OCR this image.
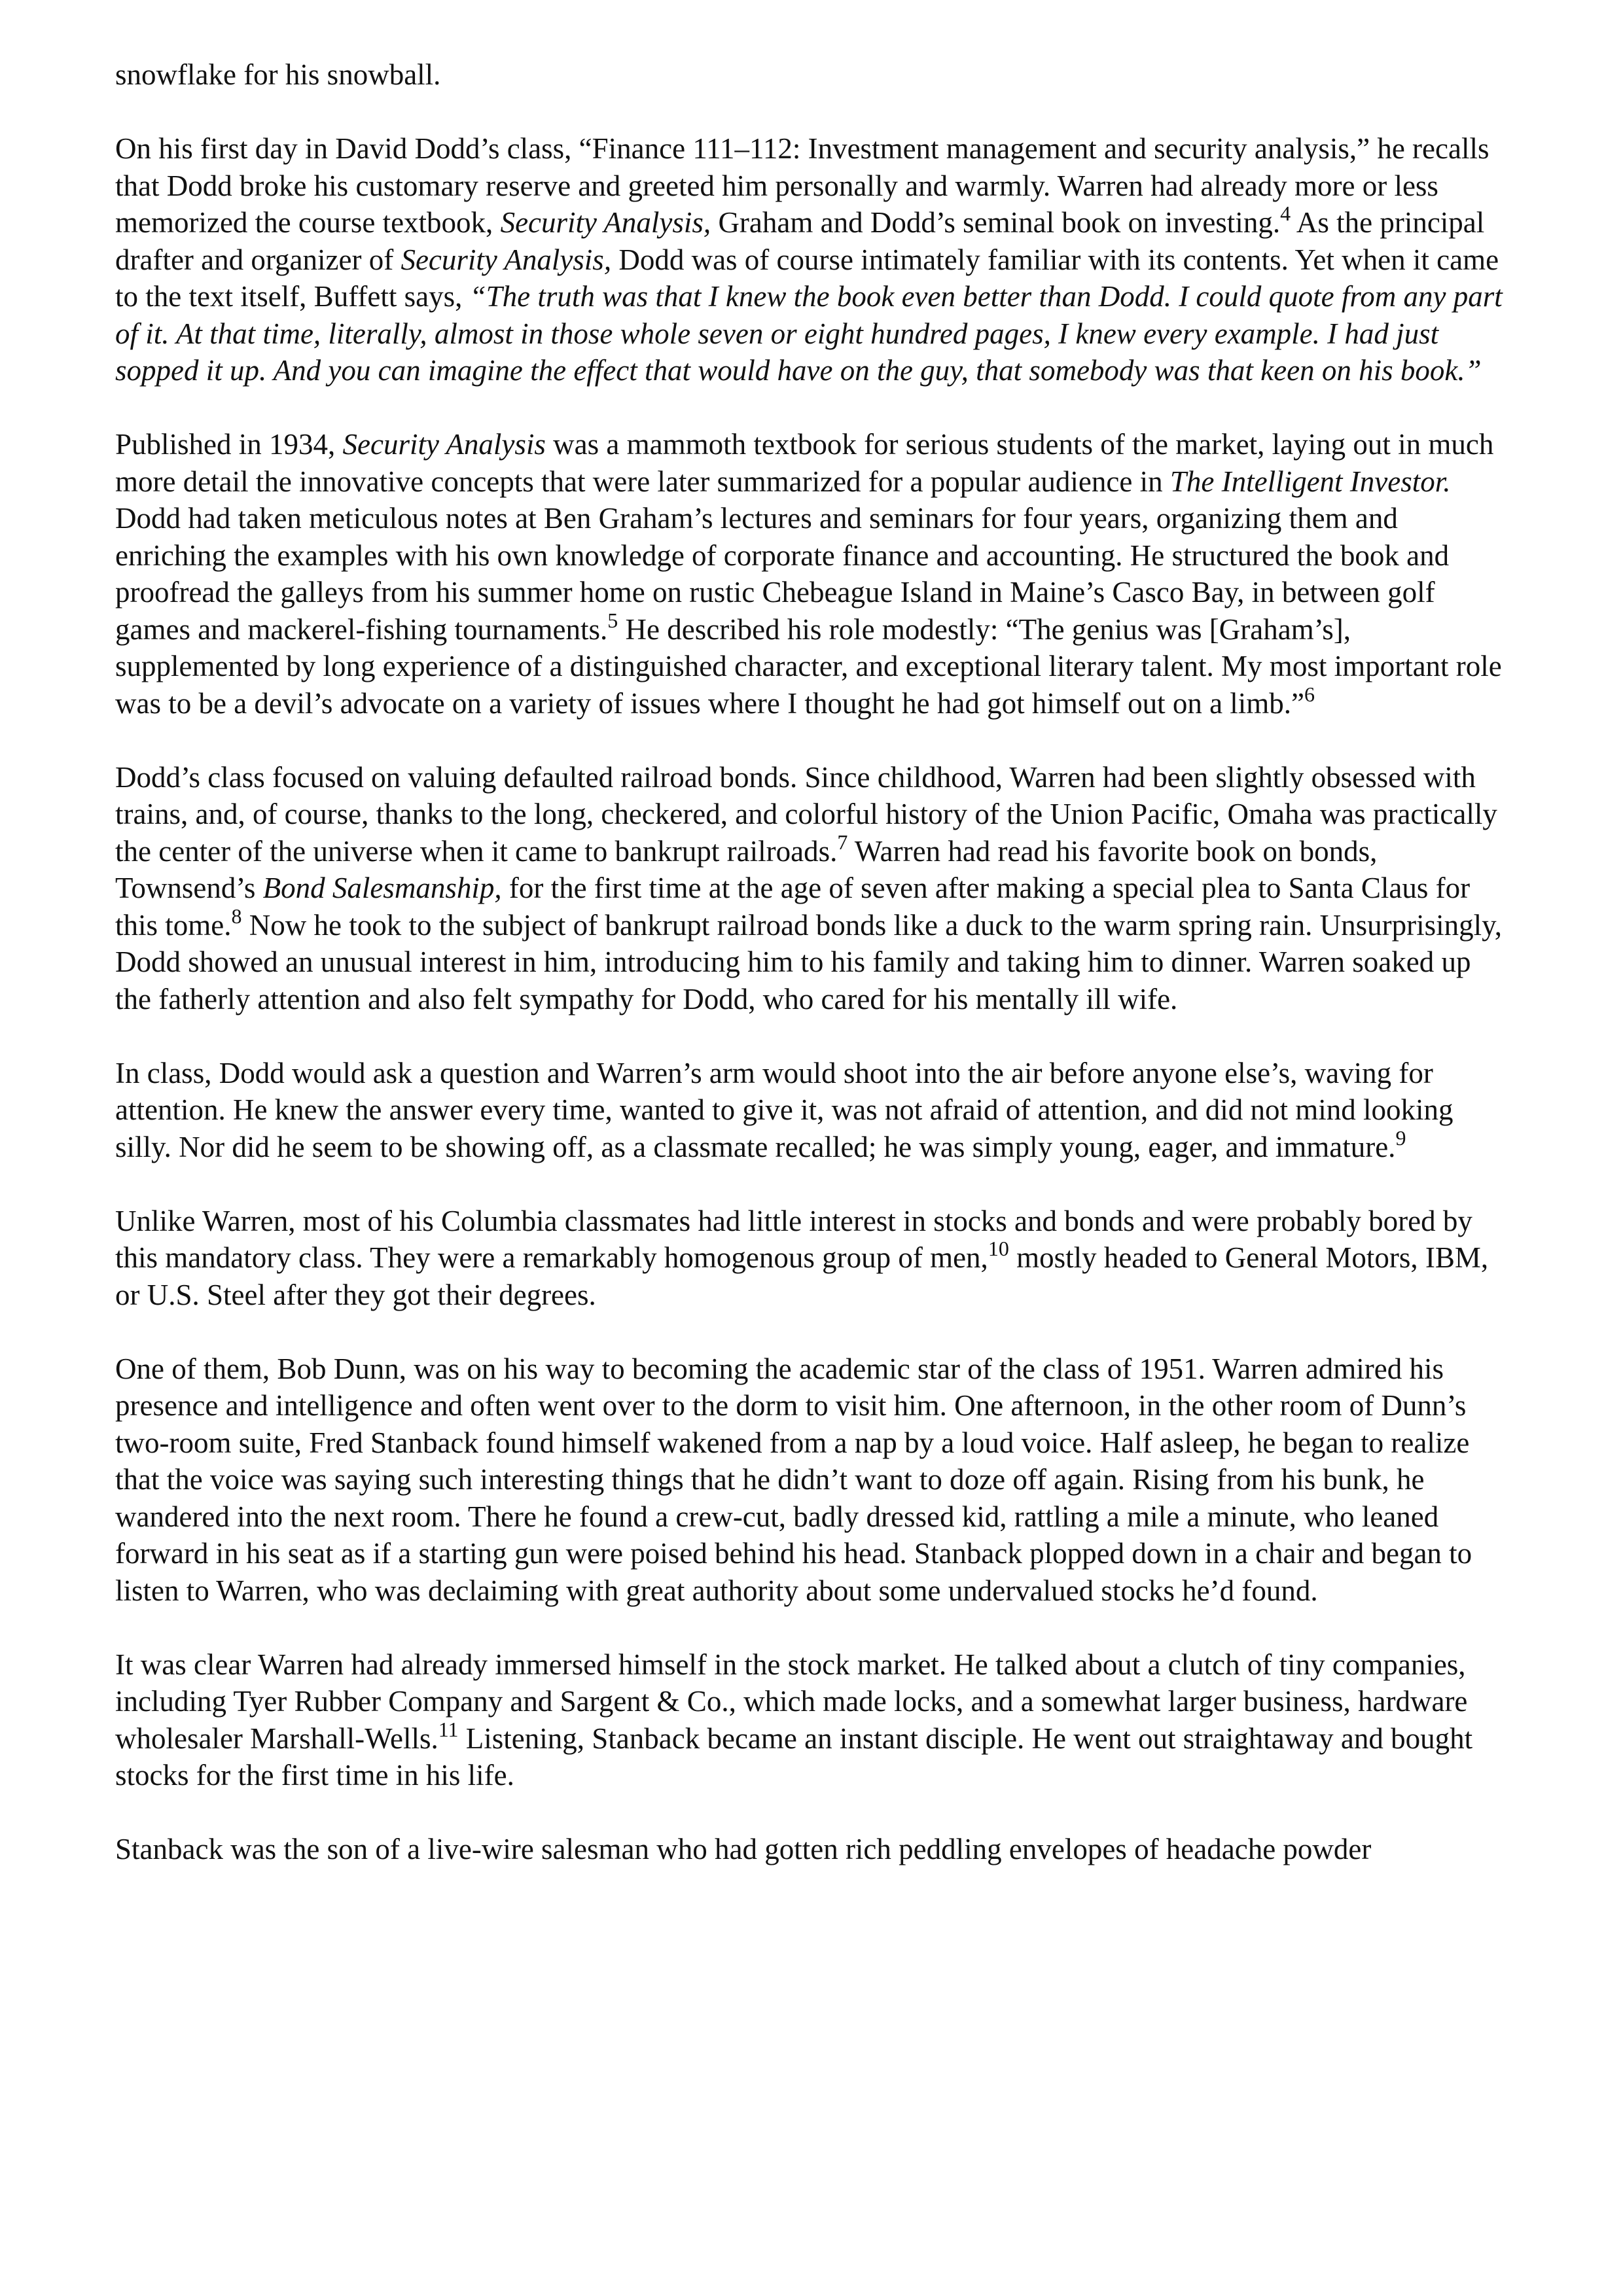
snowflake for his snowball.

On his first day in David Dodd’s class, “Finance 111–112: Investment management and security analysis,” he recalls that Dodd broke his customary reserve and greeted him personally and warmly. Warren had already more or less memorized the course textbook, Security Analysis, Graham and Dodd’s seminal book on investing.$^4$ As the principal drafter and organizer of Security Analysis, Dodd was of course intimately familiar with its contents. Yet when it came to the text itself, Buffett says, “The truth was that I knew the book even better than Dodd. I could quote from any part of it. At that time, literally, almost in those whole seven or eight hundred pages, I knew every example. I had just sopped it up. And you can imagine the effect that would have on the guy, that somebody was that keen on his book.”

Published in 1934, Security Analysis was a mammoth textbook for serious students of the market, laying out in much more detail the innovative concepts that were later summarized for a popular audience in The Intelligent Investor. Dodd had taken meticulous notes at Ben Graham’s lectures and seminars for four years, organizing them and enriching the examples with his own knowledge of corporate finance and accounting. He structured the book and proofread the galleys from his summer home on rustic Chebeague Island in Maine’s Casco Bay, in between golf games and mackerel-fishing tournaments.$^5$ He described his role modestly: “The genius was [Graham’s], supplemented by long experience of a distinguished character, and exceptional literary talent. My most important role was to be a devil’s advocate on a variety of issues where I thought he had got himself out on a limb.”$^6$

Dodd’s class focused on valuing defaulted railroad bonds. Since childhood, Warren had been slightly obsessed with trains, and, of course, thanks to the long, checkered, and colorful history of the Union Pacific, Omaha was practically the center of the universe when it came to bankrupt railroads.$^7$ Warren had read his favorite book on bonds, Townsend’s Bond Salesmanship, for the first time at the age of seven after making a special plea to Santa Claus for this tome.$^8$ Now he took to the subject of bankrupt railroad bonds like a duck to the warm spring rain. Unsurprisingly, Dodd showed an unusual interest in him, introducing him to his family and taking him to dinner. Warren soaked up the fatherly attention and also felt sympathy for Dodd, who cared for his mentally ill wife.

In class, Dodd would ask a question and Warren’s arm would shoot into the air before anyone else’s, waving for attention. He knew the answer every time, wanted to give it, was not afraid of attention, and did not mind looking silly. Nor did he seem to be showing off, as a classmate recalled; he was simply young, eager, and immature.$^9$

Unlike Warren, most of his Columbia classmates had little interest in stocks and bonds and were probably bored by this mandatory class. They were a remarkably homogenous group of men,$^{10}$ mostly headed to General Motors, IBM, or U.S. Steel after they got their degrees.

One of them, Bob Dunn, was on his way to becoming the academic star of the class of 1951. Warren admired his presence and intelligence and often went over to the dorm to visit him. One afternoon, in the other room of Dunn’s two-room suite, Fred Stanback found himself wakened from a nap by a loud voice. Half asleep, he began to realize that the voice was saying such interesting things that he didn’t want to doze off again. Rising from his bunk, he wandered into the next room. There he found a crew-cut, badly dressed kid, rattling a mile a minute, who leaned forward in his seat as if a starting gun were poised behind his head. Stanback plopped down in a chair and began to listen to Warren, who was declaiming with great authority about some undervalued stocks he’d found.

It was clear Warren had already immersed himself in the stock market. He talked about a clutch of tiny companies, including Tyer Rubber Company and Sargent & Co., which made locks, and a somewhat larger business, hardware wholesaler Marshall-Wells.$^{11}$ Listening, Stanback became an instant disciple. He went out straightaway and bought stocks for the first time in his life.

Stanback was the son of a live-wire salesman who had gotten rich peddling envelopes of headache powder
